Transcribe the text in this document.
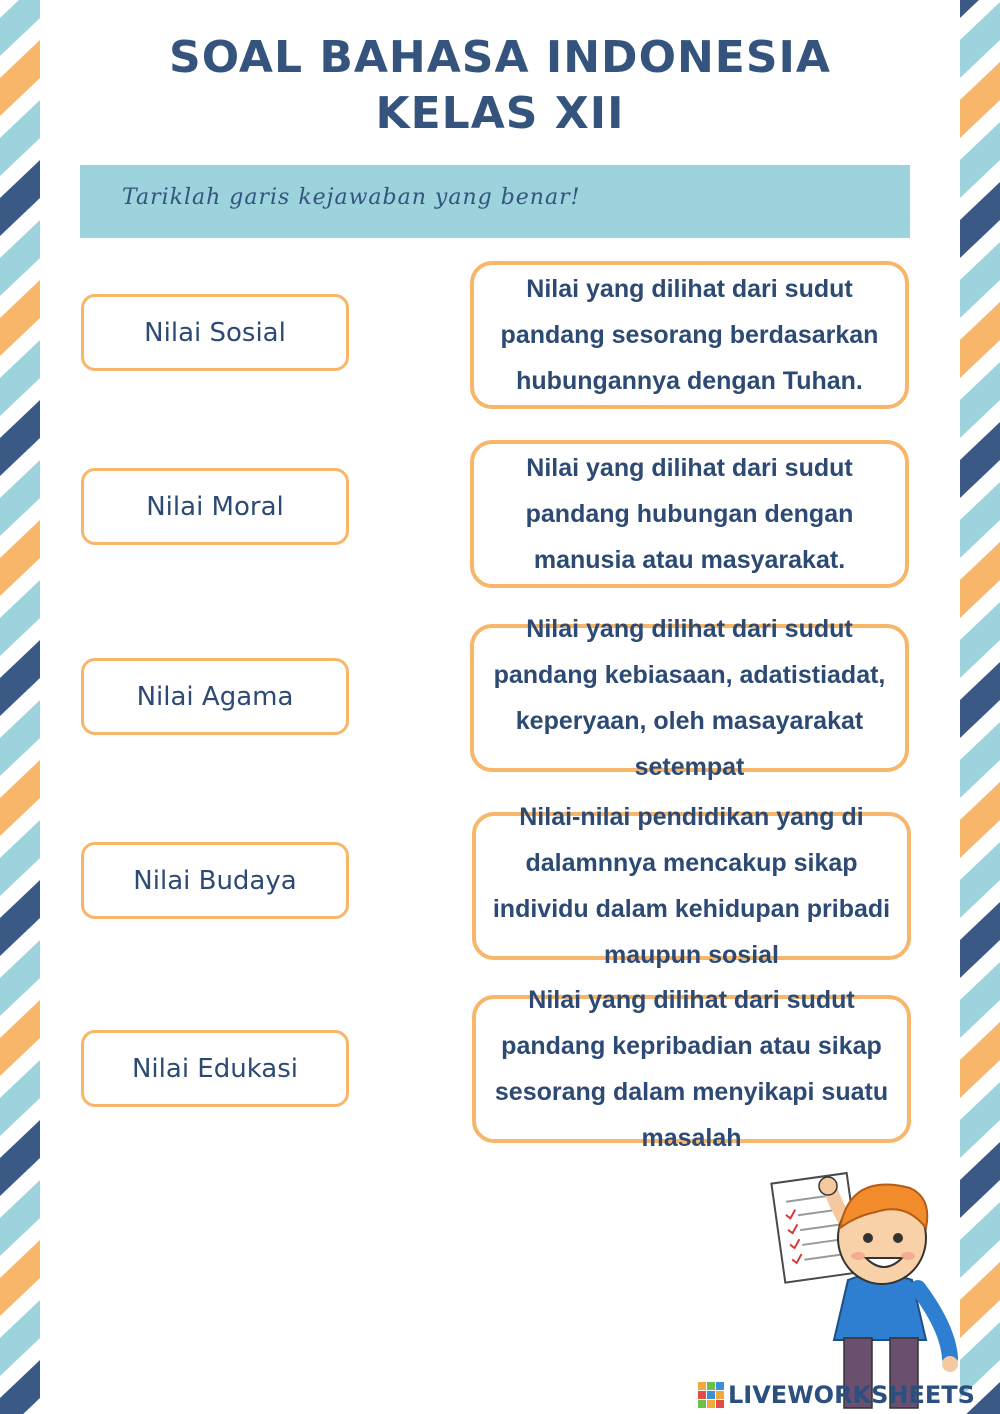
SOAL BAHASA INDONESIA
KELAS XII
Tariklah garis kejawaban yang benar!
Nilai Sosial
Nilai Moral
Nilai Agama
Nilai Budaya
Nilai Edukasi
Nilai yang dilihat dari sudut pandang sesorang berdasarkan hubungannya dengan Tuhan.
Nilai yang dilihat dari sudut pandang hubungan dengan manusia atau masyarakat.
Nilai yang dilihat dari sudut pandang kebiasaan, adatistiadat, keperyaan, oleh masayarakat setempat
Nilai-nilai pendidikan yang di dalamnnya mencakup sikap individu dalam kehidupan pribadi maupun sosial
Nilai yang dilihat dari sudut pandang kepribadian atau sikap sesorang dalam menyikapi suatu masalah
LIVEWORKSHEETS
